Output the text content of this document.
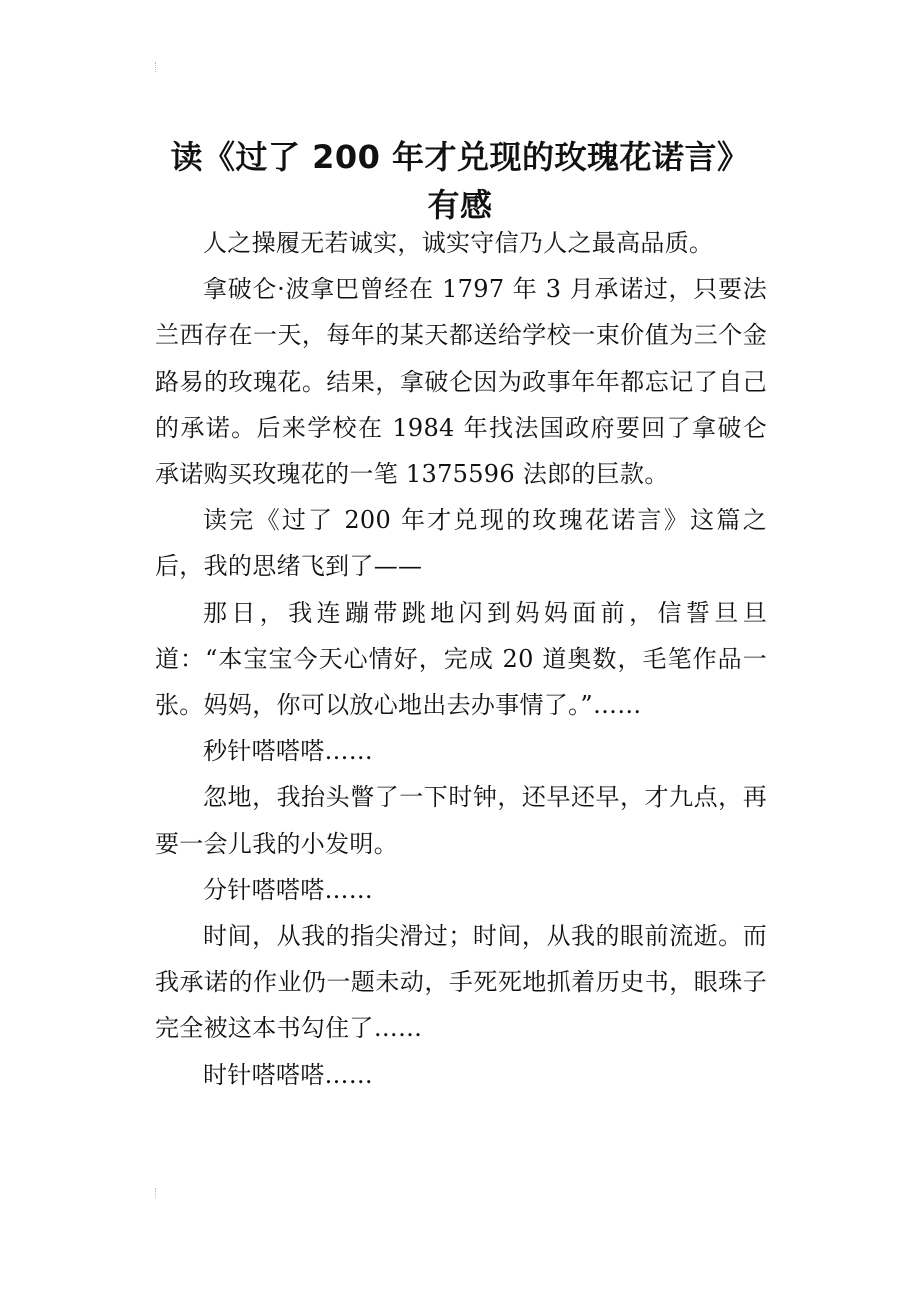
读《过了 200 年才兑现的玫瑰花诺言》
有感

人之操履无若诚实，诚实守信乃人之最高品质。

拿破仑·波拿巴曾经在 1797 年 3 月承诺过，只要法兰西存在一天，每年的某天都送给学校一束价值为三个金路易的玫瑰花。结果，拿破仑因为政事年年都忘记了自己的承诺。后来学校在 1984 年找法国政府要回了拿破仑承诺购买玫瑰花的一笔 1375596 法郎的巨款。

读完《过了 200 年才兑现的玫瑰花诺言》这篇之后，我的思绪飞到了——

那日，我连蹦带跳地闪到妈妈面前，信誓旦旦道：“本宝宝今天心情好，完成 20 道奥数，毛笔作品一张。妈妈，你可以放心地出去办事情了。”……

秒针嗒嗒嗒……

忽地，我抬头瞥了一下时钟，还早还早，才九点，再要一会儿我的小发明。

分针嗒嗒嗒……

时间，从我的指尖滑过；时间，从我的眼前流逝。而我承诺的作业仍一题未动，手死死地抓着历史书，眼珠子完全被这本书勾住了……

时针嗒嗒嗒……
